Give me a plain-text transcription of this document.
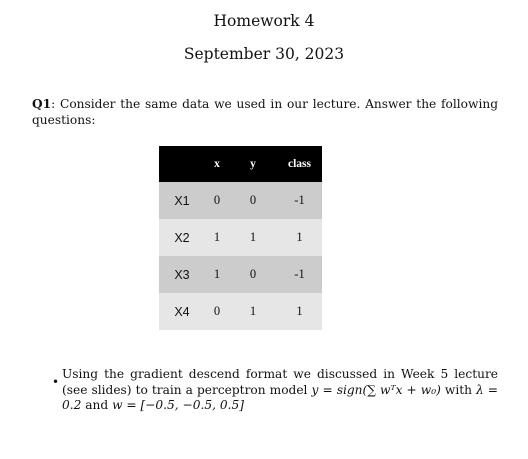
Homework 4
September 30, 2023
Q1: Consider the same data we used in our lecture. Answer the following questions:
	x	y	class
X1	0	0	-1
X2	1	1	1
X3	1	0	-1
X4	0	1	1
•
Using the gradient descend format we discussed in Week 5 lecture (see slides) to train a perceptron model y = sign(∑ wᵀx + w₀) with λ = 0.2 and w = [−0.5, −0.5, 0.5]
